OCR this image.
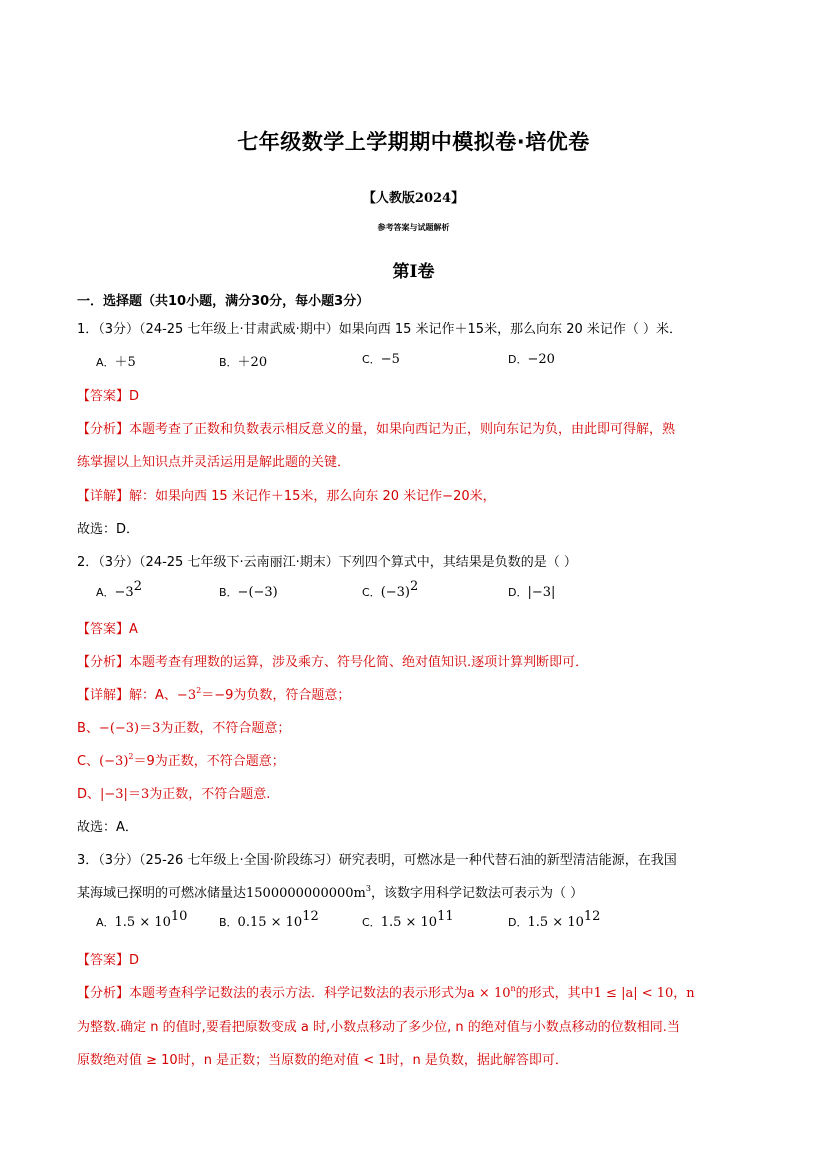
七年级数学上学期期中模拟卷·培优卷
【人教版2024】
参考答案与试题解析
第I卷
一．选择题（共10小题，满分30分，每小题3分）
1．（3分）（24-25 七年级上·甘肃武威·期中）如果向西 15 米记作＋15米，那么向东 20 米记作（ ）米．
A．＋5	B．＋20	C．−5	D．−20
【答案】D
【分析】本题考查了正数和负数表示相反意义的量，如果向西记为正，则向东记为负，由此即可得解，熟
练掌握以上知识点并灵活运用是解此题的关键．
【详解】解：如果向西 15 米记作＋15米，那么向东 20 米记作−20米，
故选：D．
2．（3分）（24-25 七年级下·云南丽江·期末）下列四个算式中，其结果是负数的是（ ）
A．$-3^2$	B．−(−3)	C．$(-3)^2$	D．|−3|
【答案】A
【分析】本题考查有理数的运算，涉及乘方、符号化简、绝对值知识.逐项计算判断即可．
【详解】解：A、$-3^2=-9$为负数，符合题意；
B、−(−3)＝3为正数，不符合题意；
C、$(-3)^2=9$为正数，不符合题意；
D、|−3|＝3为正数，不符合题意.
故选：A．
3．（3分）（25-26 七年级上·全国·阶段练习）研究表明，可燃冰是一种代替石油的新型清洁能源，在我国
某海域已探明的可燃冰储量达$1500000000000m^3$，该数字用科学记数法可表示为（ ）
A．$1.5 \times 10^{10}$	B．$0.15 \times 10^{12}$	C．$1.5 \times 10^{11}$	D．$1.5 \times 10^{12}$
【答案】D
【分析】本题考查科学记数法的表示方法．科学记数法的表示形式为$a \times 10^n$的形式，其中1 ≤ |a| < 10，n
为整数.确定 n 的值时,要看把原数变成 a 时,小数点移动了多少位, n 的绝对值与小数点移动的位数相同.当
原数绝对值 ≥ 10时，n 是正数；当原数的绝对值 < 1时，n 是负数，据此解答即可．
